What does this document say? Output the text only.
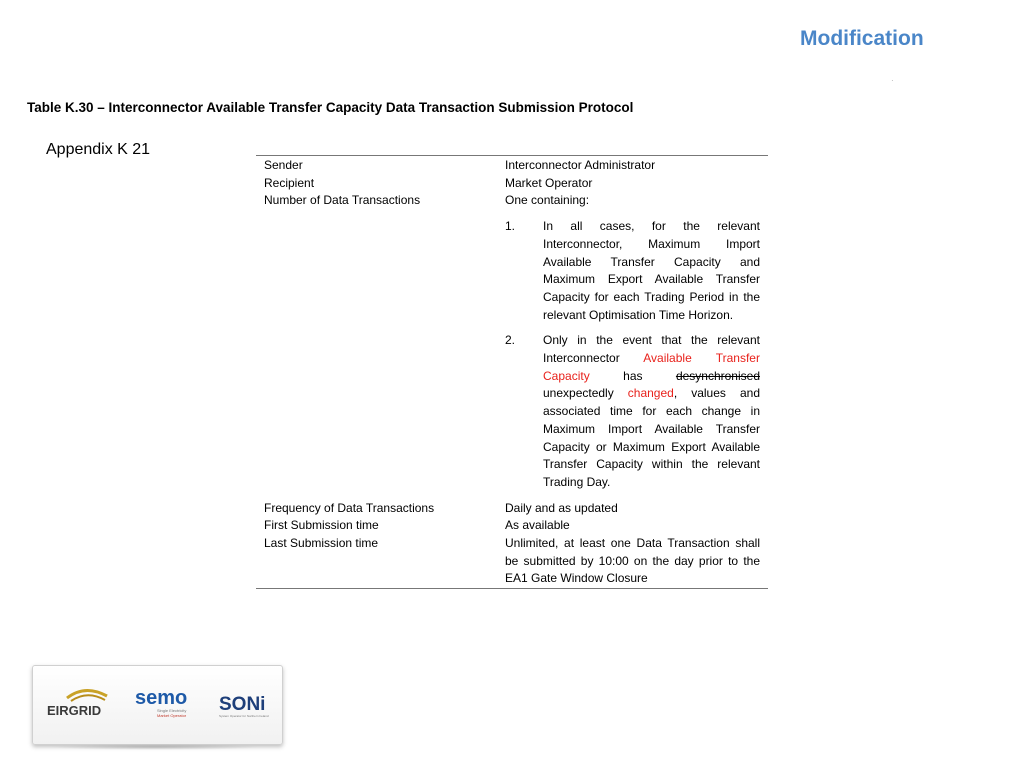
Modification
·
Table K.30 – Interconnector Available Transfer Capacity Data Transaction Submission Protocol
Appendix K 21
Sender	Interconnector Administrator
Recipient	Market Operator
Number of Data Transactions	One containing:
1.	In all cases, for the relevant Interconnector, Maximum Import Available Transfer Capacity and Maximum Export Available Transfer Capacity for each Trading Period in the relevant Optimisation Time Horizon.
2.	Only in the event that the relevant Interconnector Available Transfer Capacity has desynchronised unexpectedly changed, values and associated time for each change in Maximum Import Available Transfer Capacity or Maximum Export Available Transfer Capacity within the relevant Trading Day.
Frequency of Data Transactions	Daily and as updated
First Submission time	As available
Last Submission time	Unlimited, at least one Data Transaction shall be submitted by 10:00 on the day prior to the EA1 Gate Window Closure
EIRGRID
semo
Single Electricity
Market Operator
SONi
System Operator for Northern Ireland
